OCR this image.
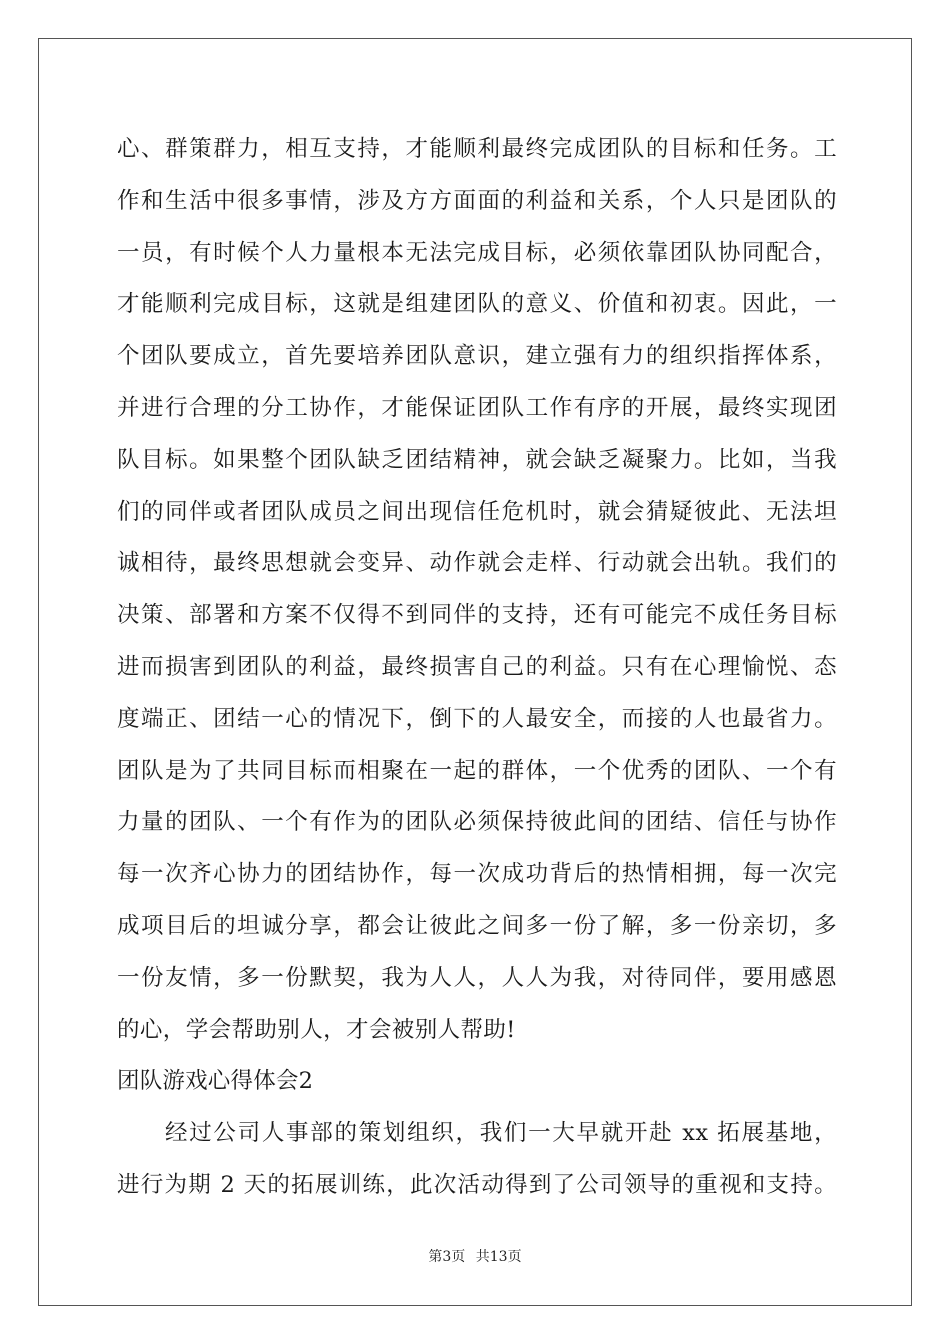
心、群策群力，相互支持，才能顺利最终完成团队的目标和任务。工
作和生活中很多事情，涉及方方面面的利益和关系，个人只是团队的
一员，有时候个人力量根本无法完成目标，必须依靠团队协同配合，
才能顺利完成目标，这就是组建团队的意义、价值和初衷。因此，一
个团队要成立，首先要培养团队意识，建立强有力的组织指挥体系，
并进行合理的分工协作，才能保证团队工作有序的开展，最终实现团
队目标。如果整个团队缺乏团结精神，就会缺乏凝聚力。比如，当我
们的同伴或者团队成员之间出现信任危机时，就会猜疑彼此、无法坦
诚相待，最终思想就会变异、动作就会走样、行动就会出轨。我们的
决策、部署和方案不仅得不到同伴的支持，还有可能完不成任务目标
进而损害到团队的利益，最终损害自己的利益。只有在心理愉悦、态
度端正、团结一心的情况下，倒下的人最安全，而接的人也最省力。
团队是为了共同目标而相聚在一起的群体，一个优秀的团队、一个有
力量的团队、一个有作为的团队必须保持彼此间的团结、信任与协作
每一次齐心协力的团结协作，每一次成功背后的热情相拥，每一次完
成项目后的坦诚分享，都会让彼此之间多一份了解，多一份亲切，多
一份友情，多一份默契，我为人人，人人为我，对待同伴，要用感恩
的心，学会帮助别人，才会被别人帮助!
团队游戏心得体会2
经过公司人事部的策划组织，我们一大早就开赴 xx 拓展基地，
进行为期 2 天的拓展训练，此次活动得到了公司领导的重视和支持。
第3页 共13页
